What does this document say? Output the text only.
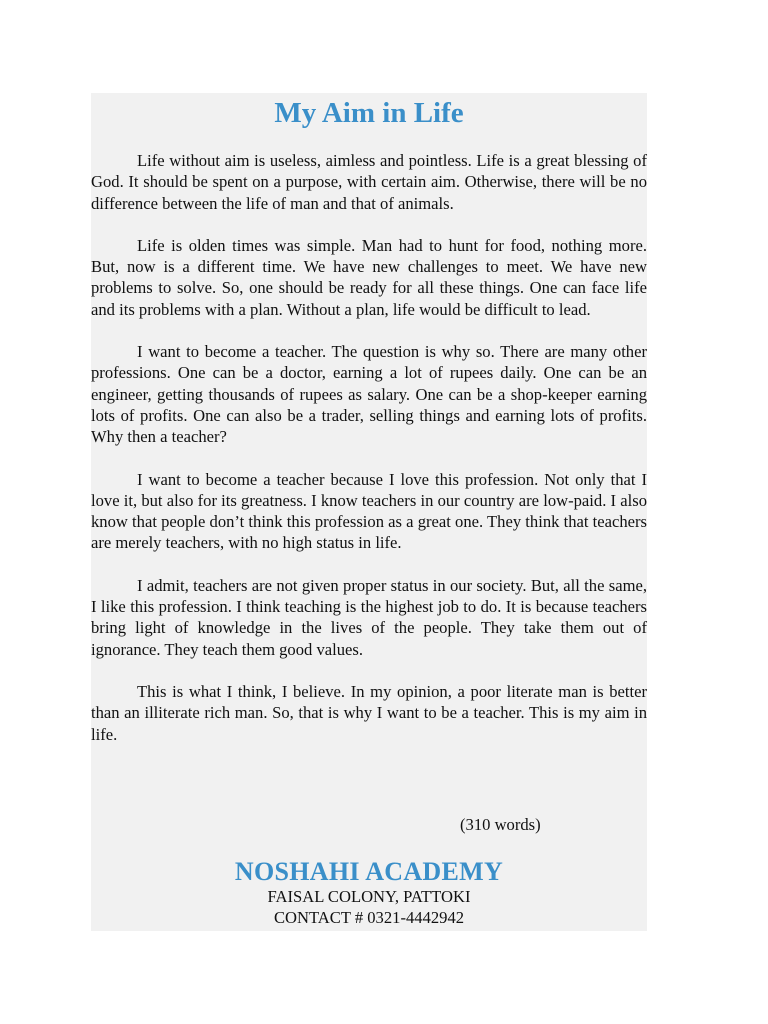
My Aim in Life

Life without aim is useless, aimless and pointless. Life is a great blessing of God. It should be spent on a purpose, with certain aim. Otherwise, there will be no difference between the life of man and that of animals.

Life is olden times was simple. Man had to hunt for food, nothing more. But, now is a different time. We have new challenges to meet. We have new problems to solve. So, one should be ready for all these things. One can face life and its problems with a plan. Without a plan, life would be difficult to lead.

I want to become a teacher. The question is why so. There are many other professions. One can be a doctor, earning a lot of rupees daily. One can be an engineer, getting thousands of rupees as salary. One can be a shop-keeper earning lots of profits. One can also be a trader, selling things and earning lots of profits. Why then a teacher?

I want to become a teacher because I love this profession. Not only that I love it, but also for its greatness. I know teachers in our country are low-paid. I also know that people don’t think this profession as a great one. They think that teachers are merely teachers, with no high status in life.

I admit, teachers are not given proper status in our society. But, all the same, I like this profession. I think teaching is the highest job to do. It is because teachers bring light of knowledge in the lives of the people. They take them out of ignorance. They teach them good values.

This is what I think, I believe. In my opinion, a poor literate man is better than an illiterate rich man. So, that is why I want to be a teacher. This is my aim in life.

(310 words)
NOSHAHI ACADEMY
FAISAL COLONY, PATTOKI
CONTACT # 0321-4442942
